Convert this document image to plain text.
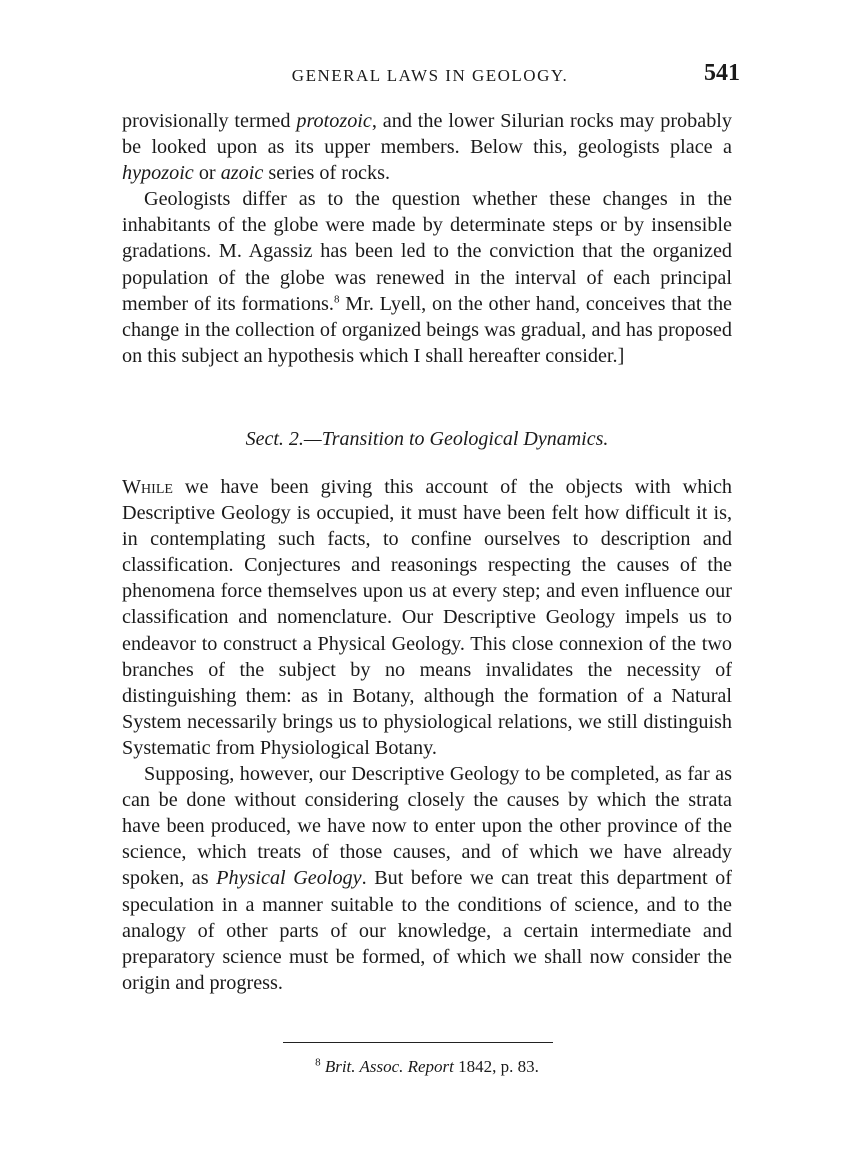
GENERAL LAWS IN GEOLOGY.	541

provisionally termed protozoic, and the lower Silurian rocks may probably be looked upon as its upper members. Below this, geologists place a hypozoic or azoic series of rocks.

Geologists differ as to the question whether these changes in the inhabitants of the globe were made by determinate steps or by insensible gradations. M. Agassiz has been led to the conviction that the organized population of the globe was renewed in the interval of each principal member of its formations.$^8$ Mr. Lyell, on the other hand, conceives that the change in the collection of organized beings was gradual, and has proposed on this subject an hypothesis which I shall hereafter consider.]

Sect. 2.—Transition to Geological Dynamics.

While we have been giving this account of the objects with which Descriptive Geology is occupied, it must have been felt how difficult it is, in contemplating such facts, to confine ourselves to description and classification. Conjectures and reasonings respecting the causes of the phenomena force themselves upon us at every step; and even influence our classification and nomenclature. Our Descriptive Geology impels us to endeavor to construct a Physical Geology. This close connexion of the two branches of the subject by no means invalidates the necessity of distinguishing them: as in Botany, although the formation of a Natural System necessarily brings us to physiological relations, we still distinguish Systematic from Physiological Botany.

Supposing, however, our Descriptive Geology to be completed, as far as can be done without considering closely the causes by which the strata have been produced, we have now to enter upon the other province of the science, which treats of those causes, and of which we have already spoken, as Physical Geology. But before we can treat this department of speculation in a manner suitable to the conditions of science, and to the analogy of other parts of our knowledge, a certain intermediate and preparatory science must be formed, of which we shall now consider the origin and progress.

$^8$ Brit. Assoc. Report 1842, p. 83.
